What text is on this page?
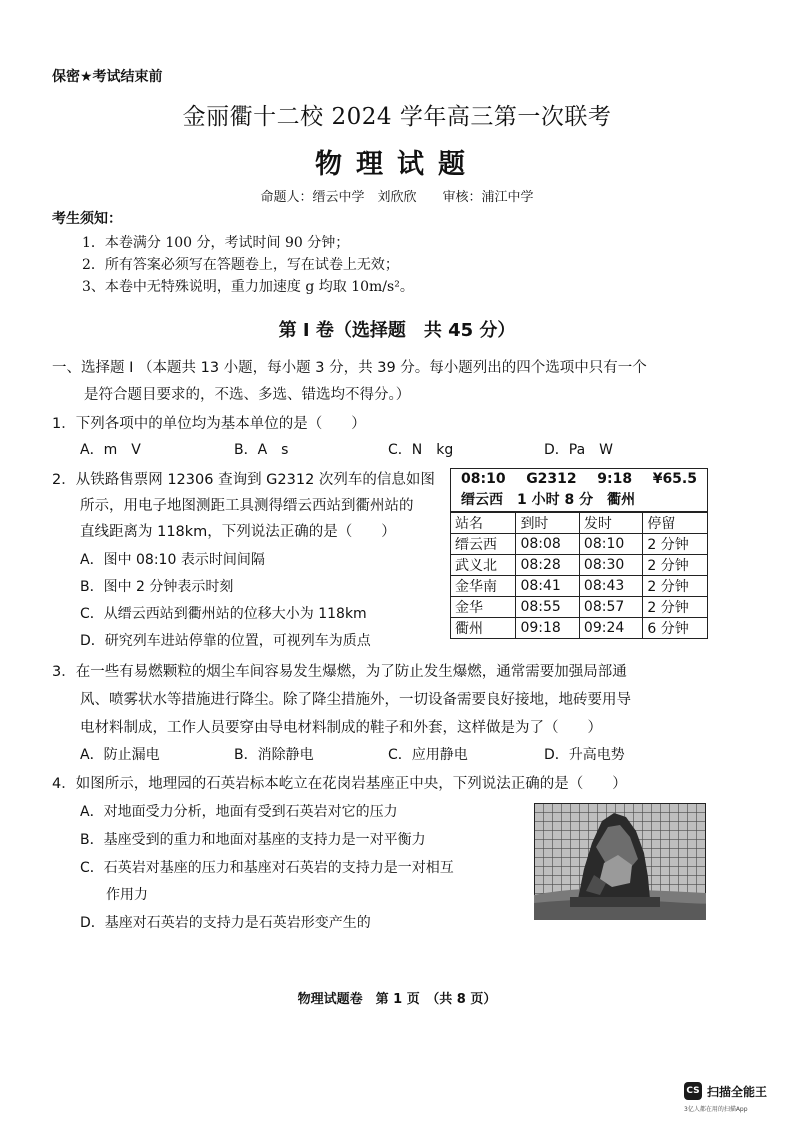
保密★考试结束前
金丽衢十二校 2024 学年高三第一次联考
物理试题
命题人：缙云中学　刘欣欣　　审核：浦江中学
考生须知：
1．本卷满分 100 分，考试时间 90 分钟；
2．所有答案必须写在答题卷上，写在试卷上无效；
3、本卷中无特殊说明，重力加速度 g 均取 10m/s²。
第 I 卷（选择题　共 45 分）
一、选择题 I （本题共 13 小题，每小题 3 分，共 39 分。每小题列出的四个选项中只有一个
是符合题目要求的，不选、多选、错选均不得分。）
1．下列各项中的单位均为基本单位的是（　　）
A．m　V	B．A　s	C．N　kg	D．Pa　W
2．从铁路售票网 12306 查询到 G2312 次列车的信息如图
所示，用电子地图测距工具测得缙云西站到衢州站的
直线距离为 118km，下列说法正确的是（　　）
A．图中 08:10 表示时间间隔
B．图中 2 分钟表示时刻
C．从缙云西站到衢州站的位移大小为 118km
D．研究列车进站停靠的位置，可视列车为质点
08:10 G2312 9:18 ¥65.5
缙云西 1 小时 8 分 衢州
站名	到时	发时	停留
缙云西	08:08	08:10	2 分钟
武义北	08:28	08:30	2 分钟
金华南	08:41	08:43	2 分钟
金华	08:55	08:57	2 分钟
衢州	09:18	09:24	6 分钟
3．在一些有易燃颗粒的烟尘车间容易发生爆燃，为了防止发生爆燃，通常需要加强局部通
风、喷雾状水等措施进行降尘。除了降尘措施外，一切设备需要良好接地，地砖要用导
电材料制成，工作人员要穿由导电材料制成的鞋子和外套，这样做是为了（　　）
A．防止漏电	B．消除静电	C．应用静电	D．升高电势
4．如图所示，地理园的石英岩标本屹立在花岗岩基座正中央，下列说法正确的是（　　）
A．对地面受力分析，地面有受到石英岩对它的压力
B．基座受到的重力和地面对基座的支持力是一对平衡力
C．石英岩对基座的压力和基座对石英岩的支持力是一对相互
作用力
D．基座对石英岩的支持力是石英岩形变产生的
物理试题卷　第 1 页　（共 8 页）
CS 扫描全能王
3亿人都在用的扫描App
